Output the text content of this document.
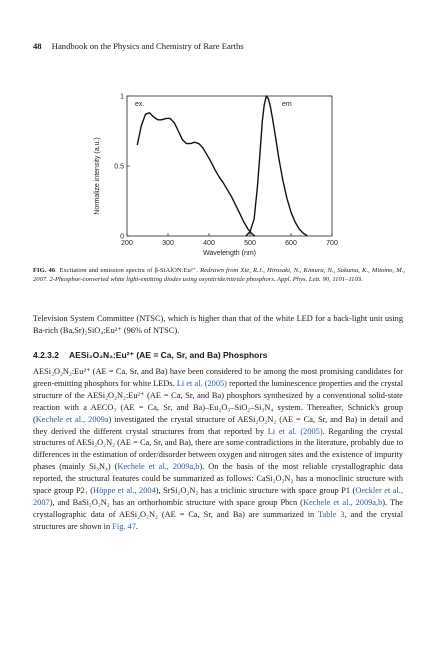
48 Handbook on the Physics and Chemistry of Rare Earths
200	300	400	500	600	700
0
0.5
1
Wavelength (nm)
ex.	em
Normalize intensity (a.u.)
FIG. 46 Excitation and emission spectra of β-SiAlON:Eu²⁺. Redrawn from Xie, R.J., Hirosaki, N., Kimura, N., Sakuma, K., Mitomo, M., 2007. 2-Phosphor-converted white light-emitting diodes using oxynitride/nitride phosphors. Appl. Phys. Lett. 90, 1101–1103.
Television System Committee (NTSC), which is higher than that of the white LED for a back-light unit using Ba-rich (Ba,Sr)₂SiO₄:Eu²⁺ (96% of NTSC).
4.2.3.2 AESi₂O₂N₂:Eu²⁺ (AE = Ca, Sr, and Ba) Phosphors
AESi₂O₂N₂:Eu²⁺ (AE = Ca, Sr, and Ba) have been considered to be among the most promising candidates for green-emitting phosphors for white LEDs. Li et al. (2005) reported the luminescence properties and the crystal structure of the AESi₂O₂N₂:Eu²⁺ (AE = Ca, Sr, and Ba) phosphors synthesized by a conventional solid-state reaction with a AECO₃ (AE = Ca, Sr, and Ba)–Eu₂O₃–SiO₂–Si₃N₄ system. Thereafter, Schnick's group (Kechele et al., 2009a) investigated the crystal structure of AESi₂O₂N₂ (AE = Ca, Sr, and Ba) in detail and they derived the different crystal structures from that reported by Li et al. (2005). Regarding the crystal structures of AESi₂O₂N₂ (AE = Ca, Sr, and Ba), there are some contradictions in the literature, probably due to differences in the estimation of order/disorder between oxygen and nitrogen sites and the existence of impurity phases (mainly Si₃N₄) (Kechele et al., 2009a,b). On the basis of the most reliable crystallographic data reported, the structural features could be summarized as follows: CaSi₂O₂N₂ has a monoclinic structure with space group P2₁ (Höppe et al., 2004), SrSi₂O₂N₂ has a triclinic structure with space group P1 (Oeckler et al., 2007), and BaSi₂O₂N₂ has an orthorhombic structure with space group Pbcn (Kechele et al., 2009a,b). The crystallographic data of AESi₂O₂N₂ (AE = Ca, Sr, and Ba) are summarized in Table 3, and the crystal structures are shown in Fig. 47.
